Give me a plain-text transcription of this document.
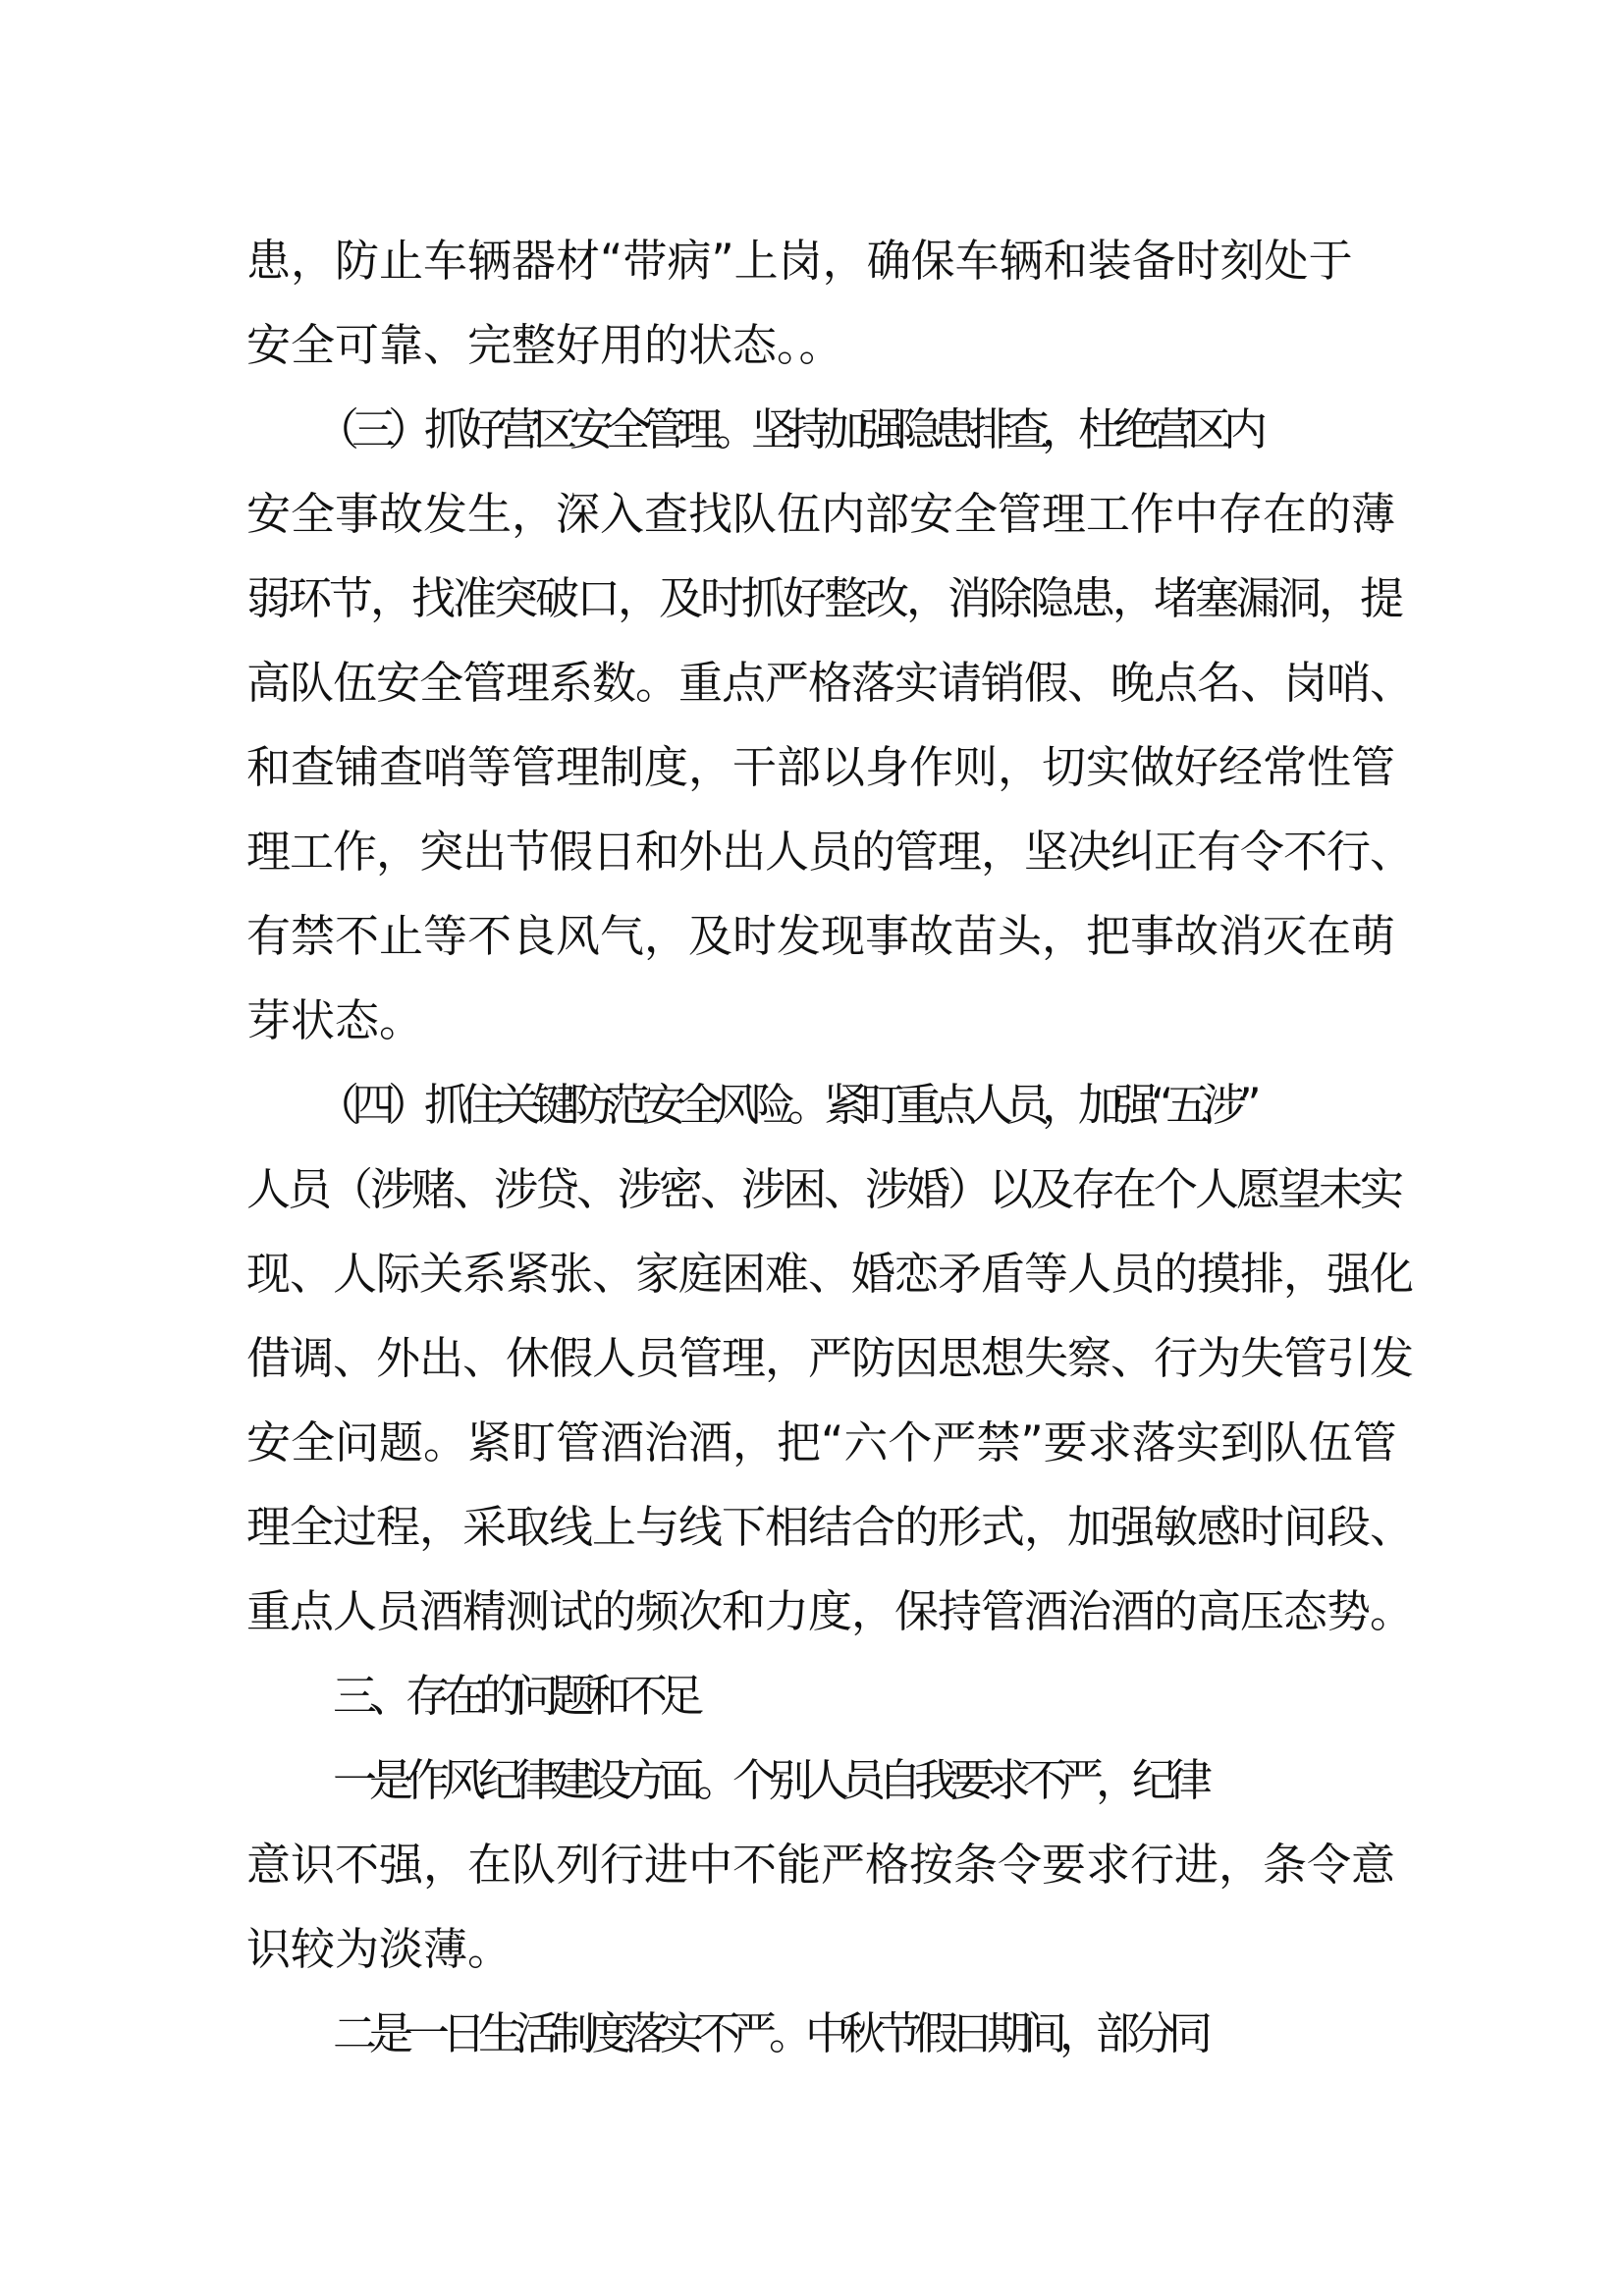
患，防止车辆器材“带病”上岗，确保车辆和装备时刻处于
安全可靠、完整好用的状态。。
（三）抓好营区安全管理。坚持加强隐患排查，杜绝营区内
安全事故发生，深入查找队伍内部安全管理工作中存在的薄
弱环节，找准突破口，及时抓好整改，消除隐患，堵塞漏洞，提
高队伍安全管理系数。重点严格落实请销假、晚点名、岗哨、
和查铺查哨等管理制度，干部以身作则，切实做好经常性管
理工作，突出节假日和外出人员的管理，坚决纠正有令不行、
有禁不止等不良风气，及时发现事故苗头，把事故消灭在萌
芽状态。
（四）抓住关键防范安全风险。紧盯重点人员，加强“五涉”
人员（涉赌、涉贷、涉密、涉困、涉婚）以及存在个人愿望未实
现、人际关系紧张、家庭困难、婚恋矛盾等人员的摸排，强化
借调、外出、休假人员管理，严防因思想失察、行为失管引发
安全问题。紧盯管酒治酒，把“六个严禁”要求落实到队伍管
理全过程，采取线上与线下相结合的形式，加强敏感时间段、
重点人员酒精测试的频次和力度，保持管酒治酒的高压态势。
三、存在的问题和不足
一是作风纪律建设方面。个别人员自我要求不严，纪律
意识不强，在队列行进中不能严格按条令要求行进，条令意
识较为淡薄。
二是一日生活制度落实不严。中秋节假日期间，部分同
